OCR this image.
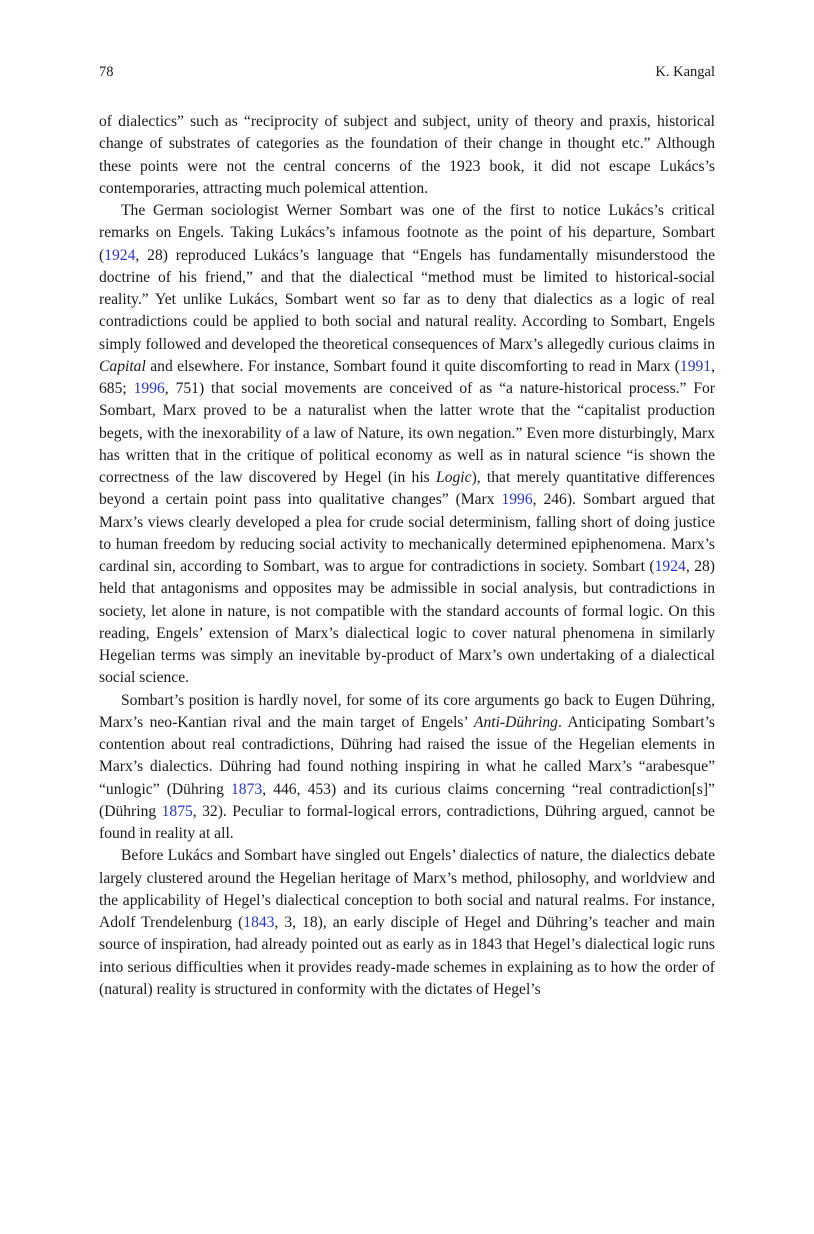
78	K. Kangal

of dialectics” such as “reciprocity of subject and subject, unity of theory and praxis, historical change of substrates of categories as the foundation of their change in thought etc.” Although these points were not the central concerns of the 1923 book, it did not escape Lukács’s contemporaries, attracting much polemical attention.

The German sociologist Werner Sombart was one of the first to notice Lukács’s critical remarks on Engels. Taking Lukács’s infamous footnote as the point of his departure, Sombart (1924, 28) reproduced Lukács’s language that “Engels has fundamentally misunderstood the doctrine of his friend,” and that the dialectical “method must be limited to historical-social reality.” Yet unlike Lukács, Sombart went so far as to deny that dialectics as a logic of real contradictions could be applied to both social and natural reality. According to Sombart, Engels simply followed and developed the theoretical consequences of Marx’s allegedly curious claims in Capital and elsewhere. For instance, Sombart found it quite discomforting to read in Marx (1991, 685; 1996, 751) that social movements are conceived of as “a nature-historical process.” For Sombart, Marx proved to be a naturalist when the latter wrote that the “capitalist production begets, with the inexorability of a law of Nature, its own negation.” Even more disturbingly, Marx has written that in the critique of political economy as well as in natural science “is shown the correctness of the law discovered by Hegel (in his Logic), that merely quantitative differences beyond a certain point pass into qualitative changes” (Marx 1996, 246). Sombart argued that Marx’s views clearly developed a plea for crude social determinism, falling short of doing justice to human freedom by reducing social activity to mechanically determined epiphenomena. Marx’s cardinal sin, according to Sombart, was to argue for contradictions in society. Sombart (1924, 28) held that antagonisms and opposites may be admissible in social analysis, but contradictions in society, let alone in nature, is not compatible with the standard accounts of formal logic. On this reading, Engels’ extension of Marx’s dialectical logic to cover natural phenomena in similarly Hegelian terms was simply an inevitable by-product of Marx’s own undertaking of a dialectical social science.

Sombart’s position is hardly novel, for some of its core arguments go back to Eugen Dühring, Marx’s neo-Kantian rival and the main target of Engels’ Anti-Dühring. Anticipating Sombart’s contention about real contradictions, Dühring had raised the issue of the Hegelian elements in Marx’s dialectics. Dühring had found nothing inspiring in what he called Marx’s “arabesque” “unlogic” (Dühring 1873, 446, 453) and its curious claims concerning “real contradiction[s]” (Dühring 1875, 32). Peculiar to formal-logical errors, contradictions, Dühring argued, cannot be found in reality at all.

Before Lukács and Sombart have singled out Engels’ dialectics of nature, the dialectics debate largely clustered around the Hegelian heritage of Marx’s method, philosophy, and worldview and the applicability of Hegel’s dialectical conception to both social and natural realms. For instance, Adolf Trendelenburg (1843, 3, 18), an early disciple of Hegel and Dühring’s teacher and main source of inspiration, had already pointed out as early as in 1843 that Hegel’s dialectical logic runs into serious difficulties when it provides ready-made schemes in explaining as to how the order of (natural) reality is structured in conformity with the dictates of Hegel’s
